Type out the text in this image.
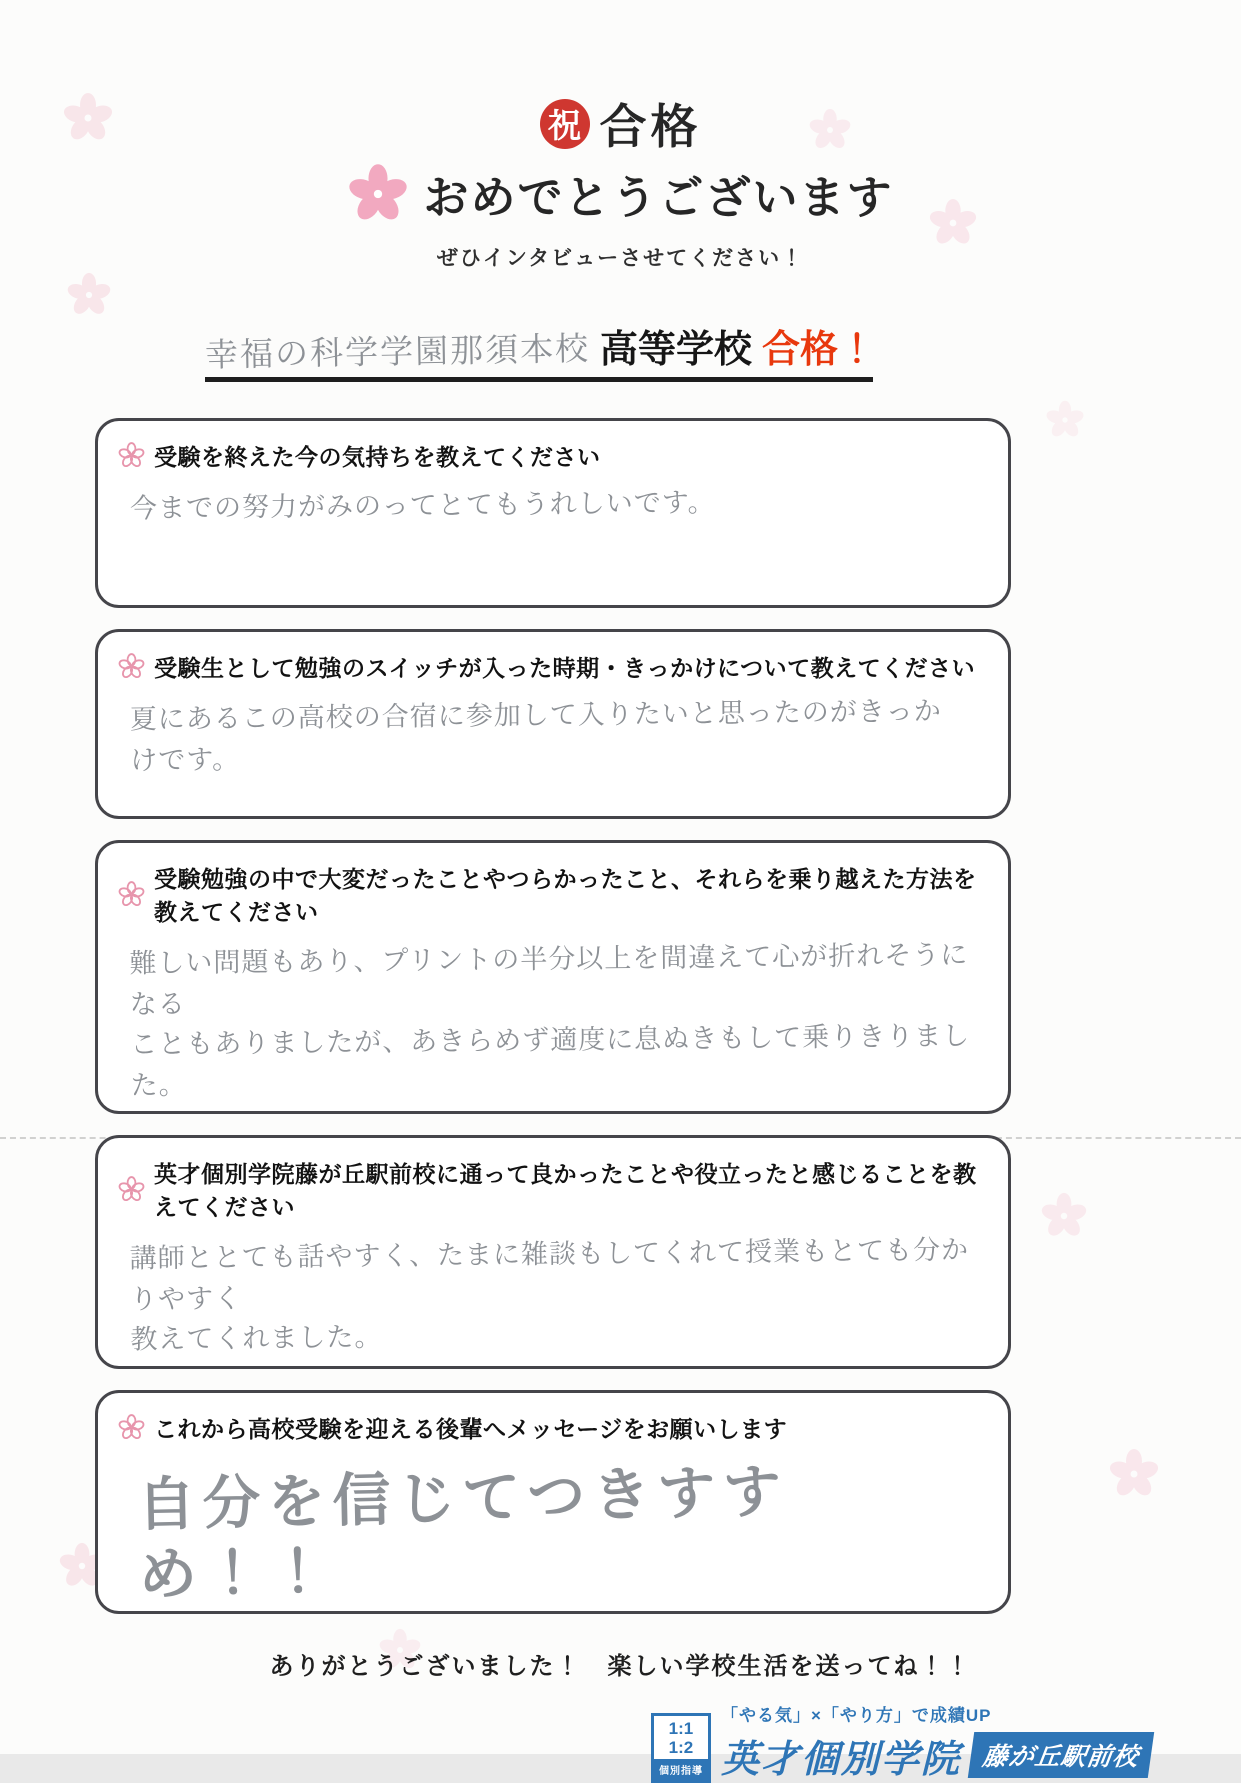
祝 合格
おめでとうございます
ぜひインタビューさせてください！
幸福の科学学園那須本校 高等学校 合格！
受験を終えた今の気持ちを教えてください
今までの努力がみのってとてもうれしいです。
受験生として勉強のスイッチが入った時期・きっかけについて教えてください
夏にあるこの高校の合宿に参加して入りたいと思ったのがきっか
けです。
受験勉強の中で大変だったことやつらかったこと、それらを乗り越えた方法を教えてください
難しい問題もあり、プリントの半分以上を間違えて心が折れそうになる
こともありましたが、あきらめず適度に息ぬきもして乗りきりました。
英才個別学院藤が丘駅前校に通って良かったことや役立ったと感じることを教えてください
講師ととても話やすく、たまに雑談もしてくれて授業もとても分かりやすく
教えてくれました。
これから高校受験を迎える後輩へメッセージをお願いします
自分を信じてつきすすめ！！
ありがとうございました！　楽しい学校生活を送ってね！！
1:1
1:2
個別指導
「やる気」×「やり方」で成績UP
英才個別学院 藤が丘駅前校
